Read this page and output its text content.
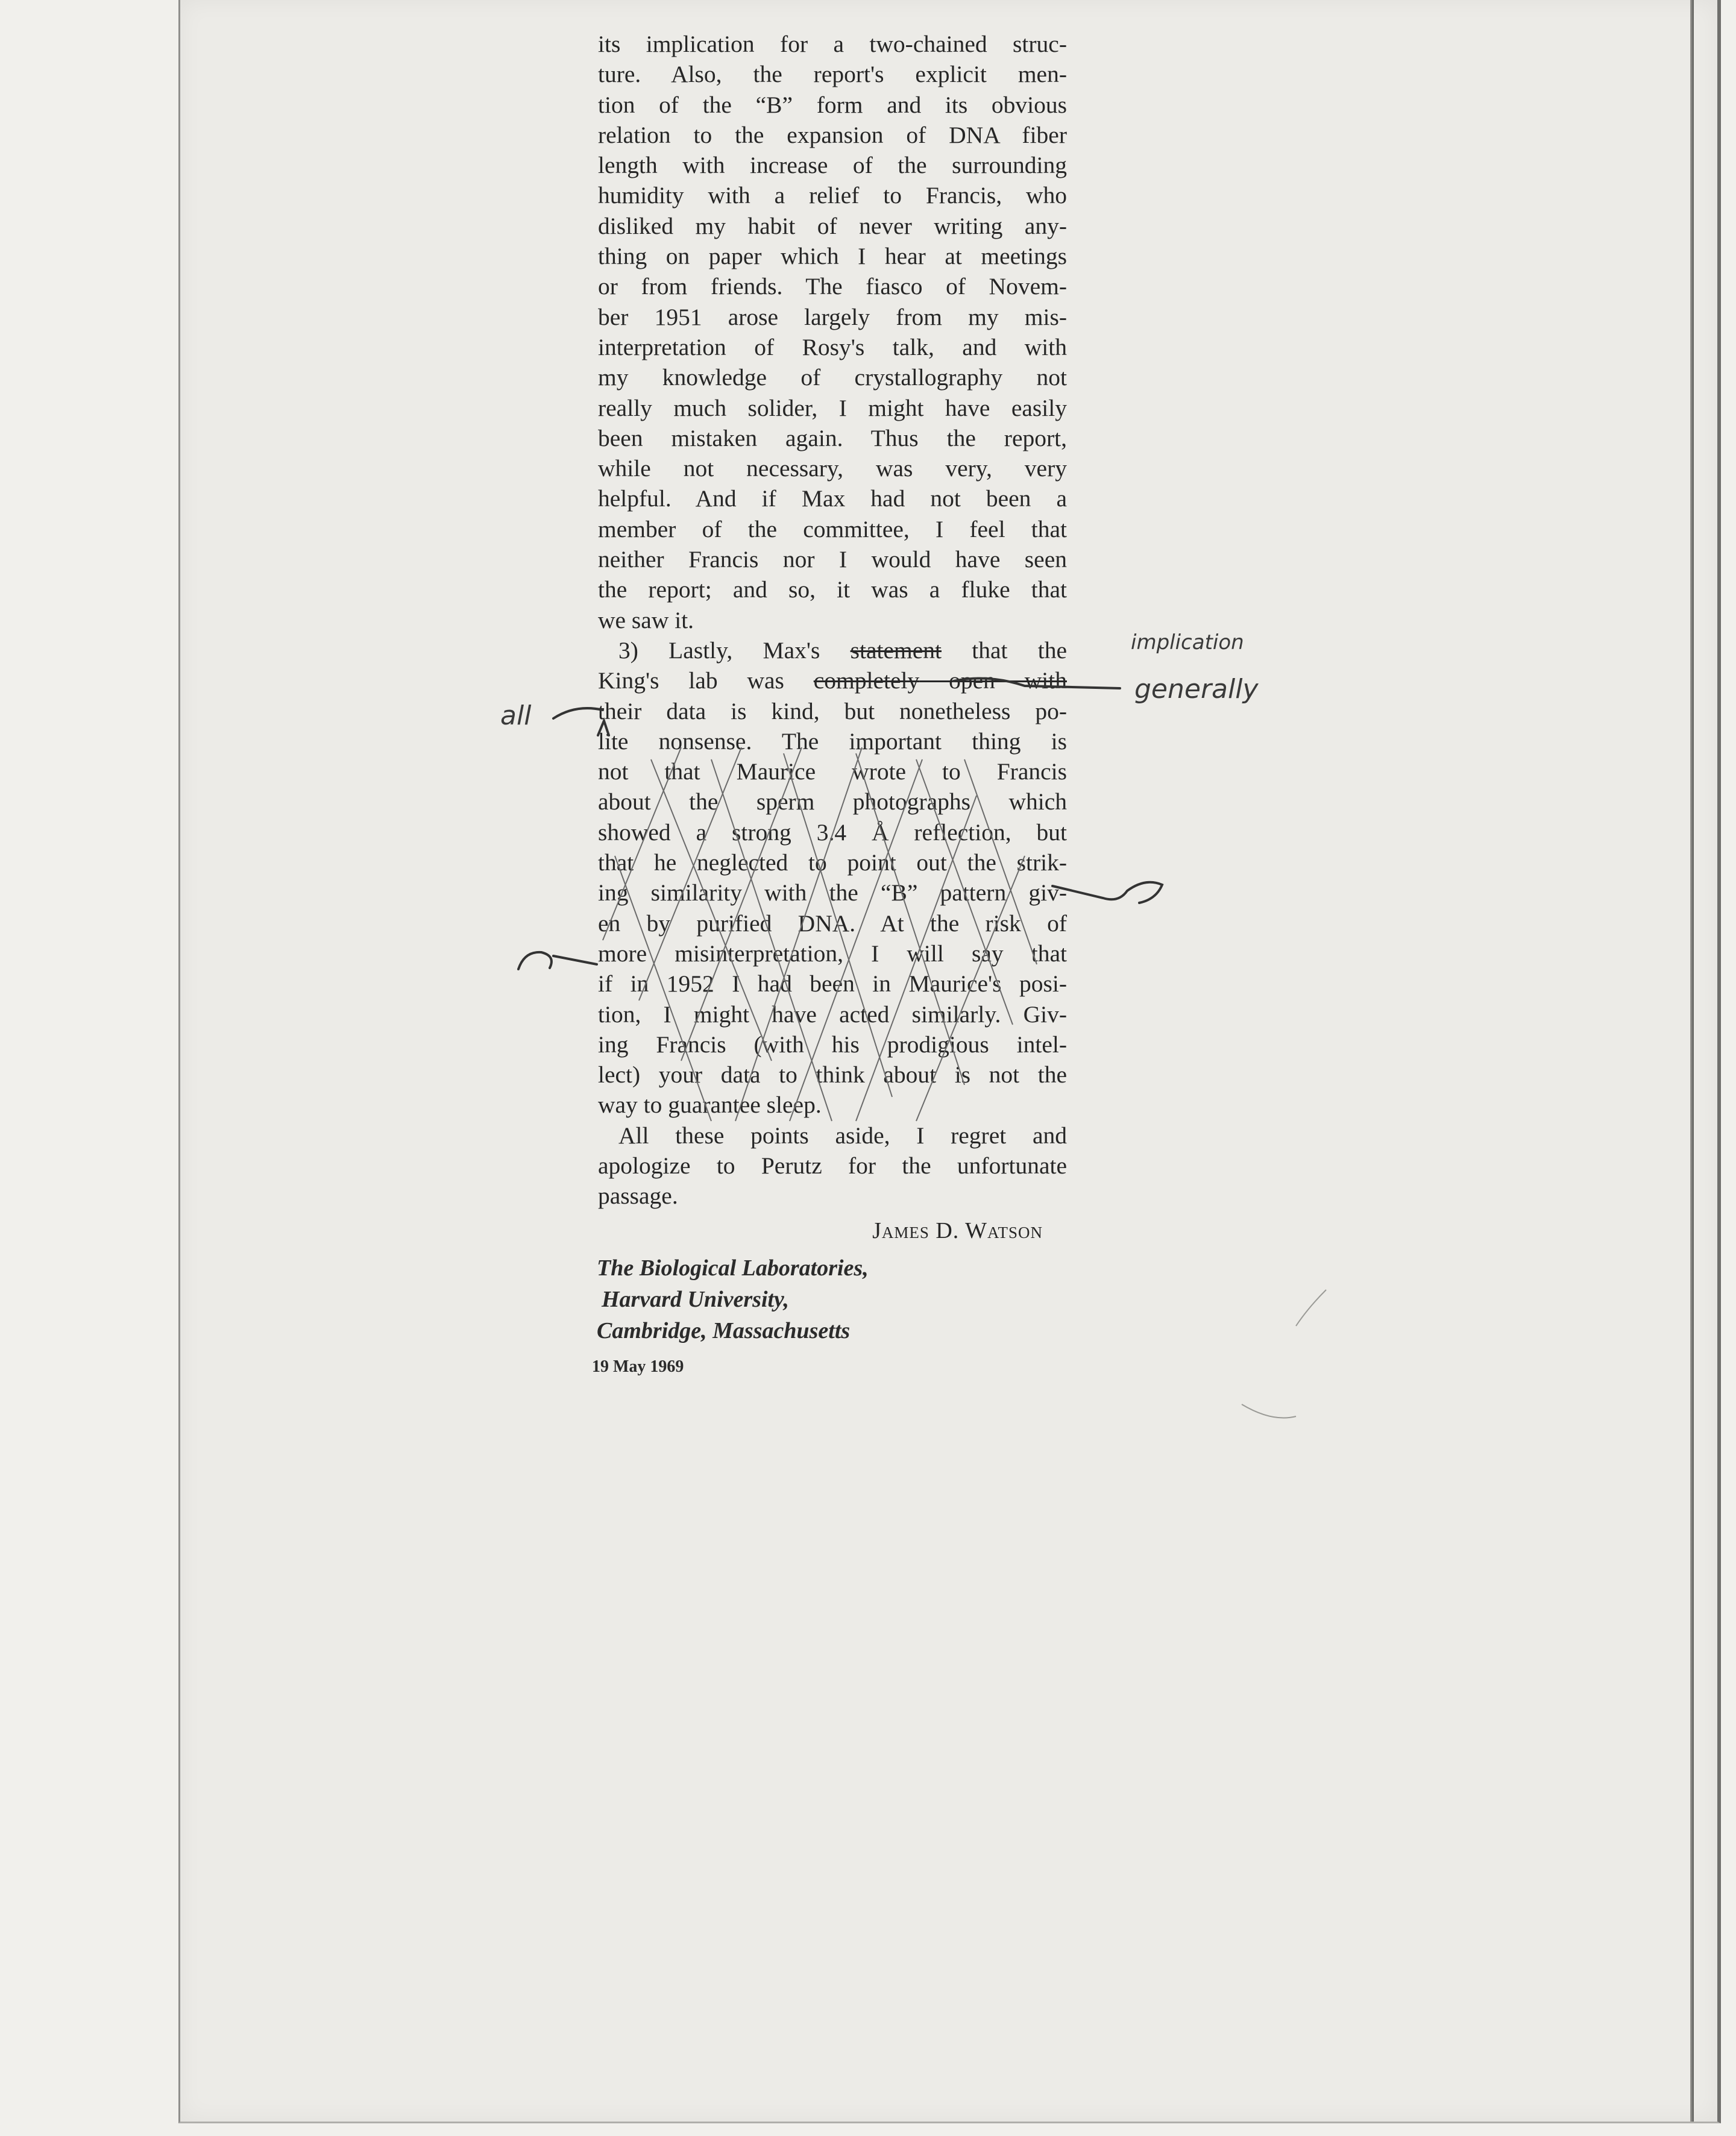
its implication for a two-chained struc-
ture. Also, the report's explicit men-
tion of the “B” form and its obvious
relation to the expansion of DNA fiber
length with increase of the surrounding
humidity with a relief to Francis, who
disliked my habit of never writing any-
thing on paper which I hear at meetings
or from friends. The fiasco of Novem-
ber 1951 arose largely from my mis-
interpretation of Rosy's talk, and with
my knowledge of crystallography not
really much solider, I might have easily
been mistaken again. Thus the report,
while not necessary, was very, very
helpful. And if Max had not been a
member of the committee, I feel that
neither Francis nor I would have seen
the report; and so, it was a fluke that
we saw it.
3) Lastly, Max's statement that the
King's lab was completely open with
their data is kind, but nonetheless po-
lite nonsense. The important thing is
not that Maurice wrote to Francis
about the sperm photographs which
showed a strong 3.4 Å reflection, but
that he neglected to point out the strik-
ing similarity with the “B” pattern giv-
en by purified DNA. At the risk of
more misinterpretation, I will say that
if in 1952 I had been in Maurice's posi-
tion, I might have acted similarly. Giv-
ing Francis (with his prodigious intel-
lect) your data to think about is not the
way to guarantee sleep.
All these points aside, I regret and
apologize to Perutz for the unfortunate
passage.
James D. Watson
The Biological Laboratories,
Harvard University,
Cambridge, Massachusetts
19 May 1969
implication
generally
all
